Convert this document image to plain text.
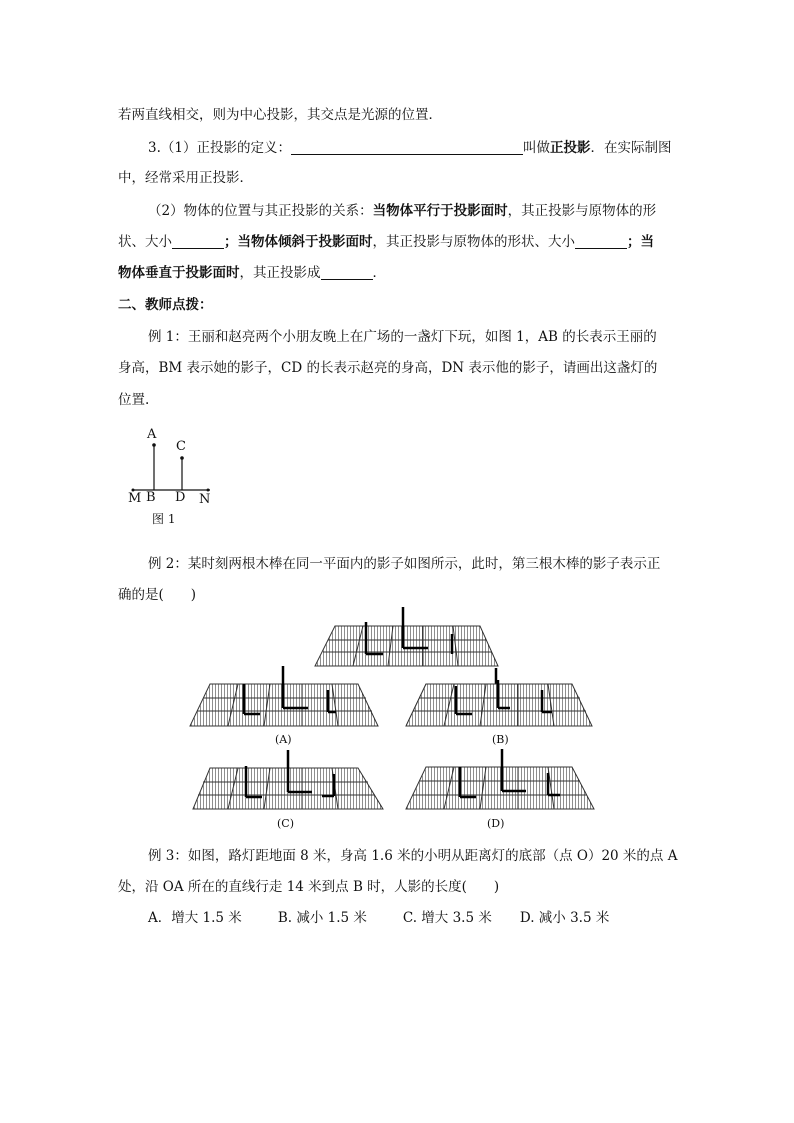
若两直线相交，则为中心投影，其交点是光源的位置．
3.（1）正投影的定义：	叫做正投影．在实际制图
中，经常采用正投影．
（2）物体的位置与其正投影的关系：当物体平行于投影面时，其正投影与原物体的形
状、大小	；当物体倾斜于投影面时，其正投影与原物体的形状、大小	；当
物体垂直于投影面时，其正投影成	．
二、教师点拨：
例 1：王丽和赵亮两个小朋友晚上在广场的一盏灯下玩，如图 1，AB 的长表示王丽的
身高，BM 表示她的影子，CD 的长表示赵亮的身高，DN 表示他的影子，请画出这盏灯的
位置.
A
C
M B D N
图 1
例 2：某时刻两根木棒在同一平面内的影子如图所示，此时，第三根木棒的影子表示正
确的是(　　)
(A)	(B)
(C)	(D)
例 3：如图，路灯距地面 8 米，身高 1.6 米的小明从距离灯的底部（点 O）20 米的点 A
处，沿 OA 所在的直线行走 14 米到点 B 时，人影的长度(　　)
A．增大 1.5 米	B. 减小 1.5 米	C. 增大 3.5 米 D. 减小 3.5 米
